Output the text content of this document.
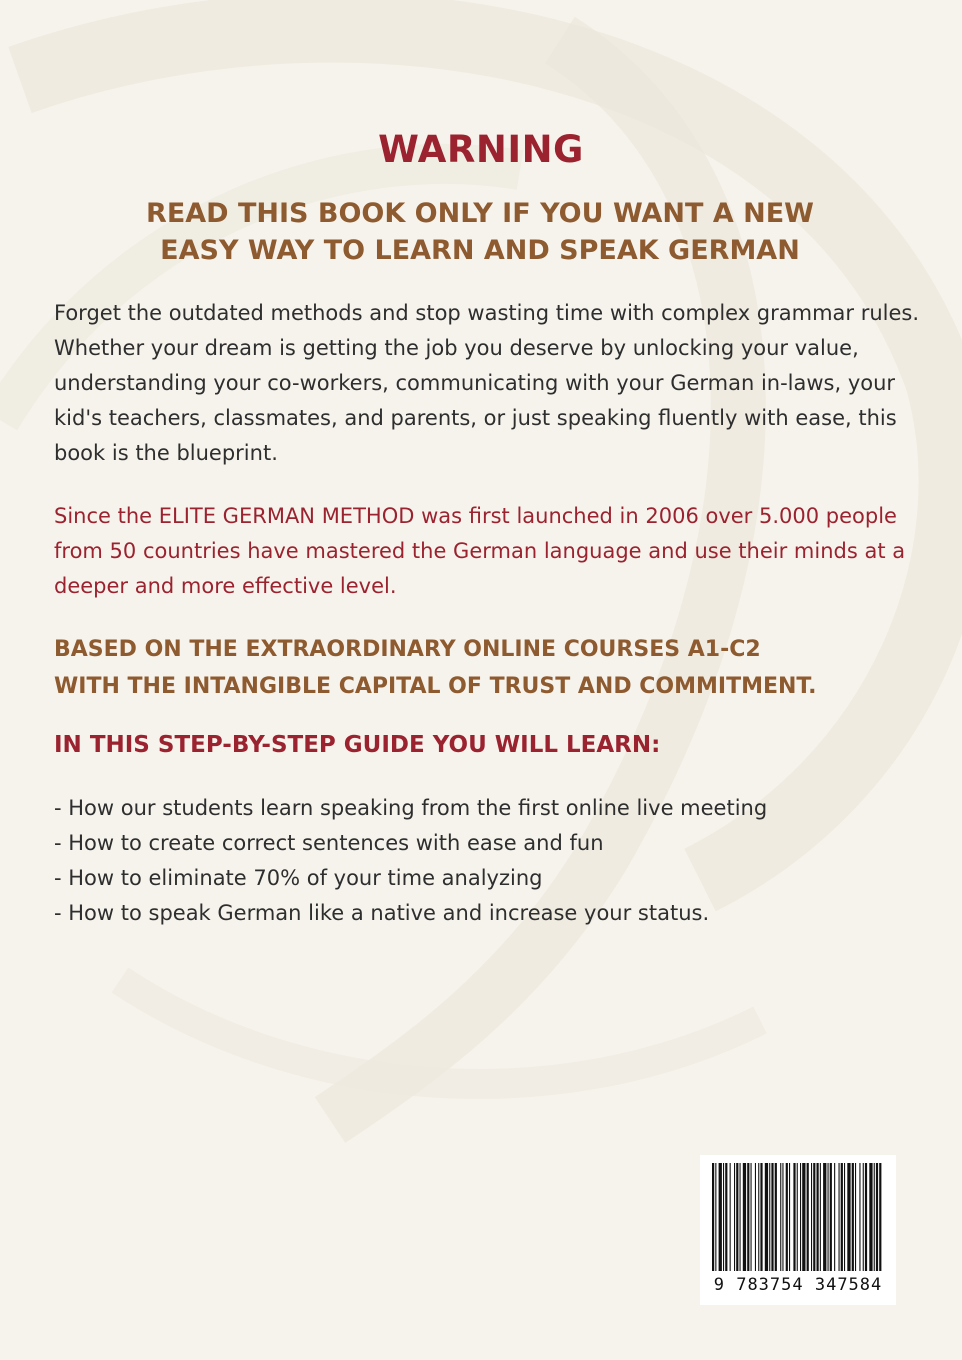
WARNING
READ THIS BOOK ONLY IF YOU WANT A NEW
EASY WAY TO LEARN AND SPEAK GERMAN

Forget the outdated methods and stop wasting time with complex grammar rules. Whether your dream is getting the job you deserve by unlocking your value, understanding your co-workers, communicating with your German in-laws, your kid's teachers, classmates, and parents, or just speaking fluently with ease, this book is the blueprint.

Since the ELITE GERMAN METHOD was first launched in 2006 over 5.000 people from 50 countries have mastered the German language and use their minds at a deeper and more effective level.

BASED ON THE EXTRAORDINARY ONLINE COURSES A1-C2
WITH THE INTANGIBLE CAPITAL OF TRUST AND COMMITMENT.
IN THIS STEP-BY-STEP GUIDE YOU WILL LEARN:
- How our students learn speaking from the first online live meeting
- How to create correct sentences with ease and fun
- How to eliminate 70% of your time analyzing
- How to speak German like a native and increase your status.
9 783754 347584
